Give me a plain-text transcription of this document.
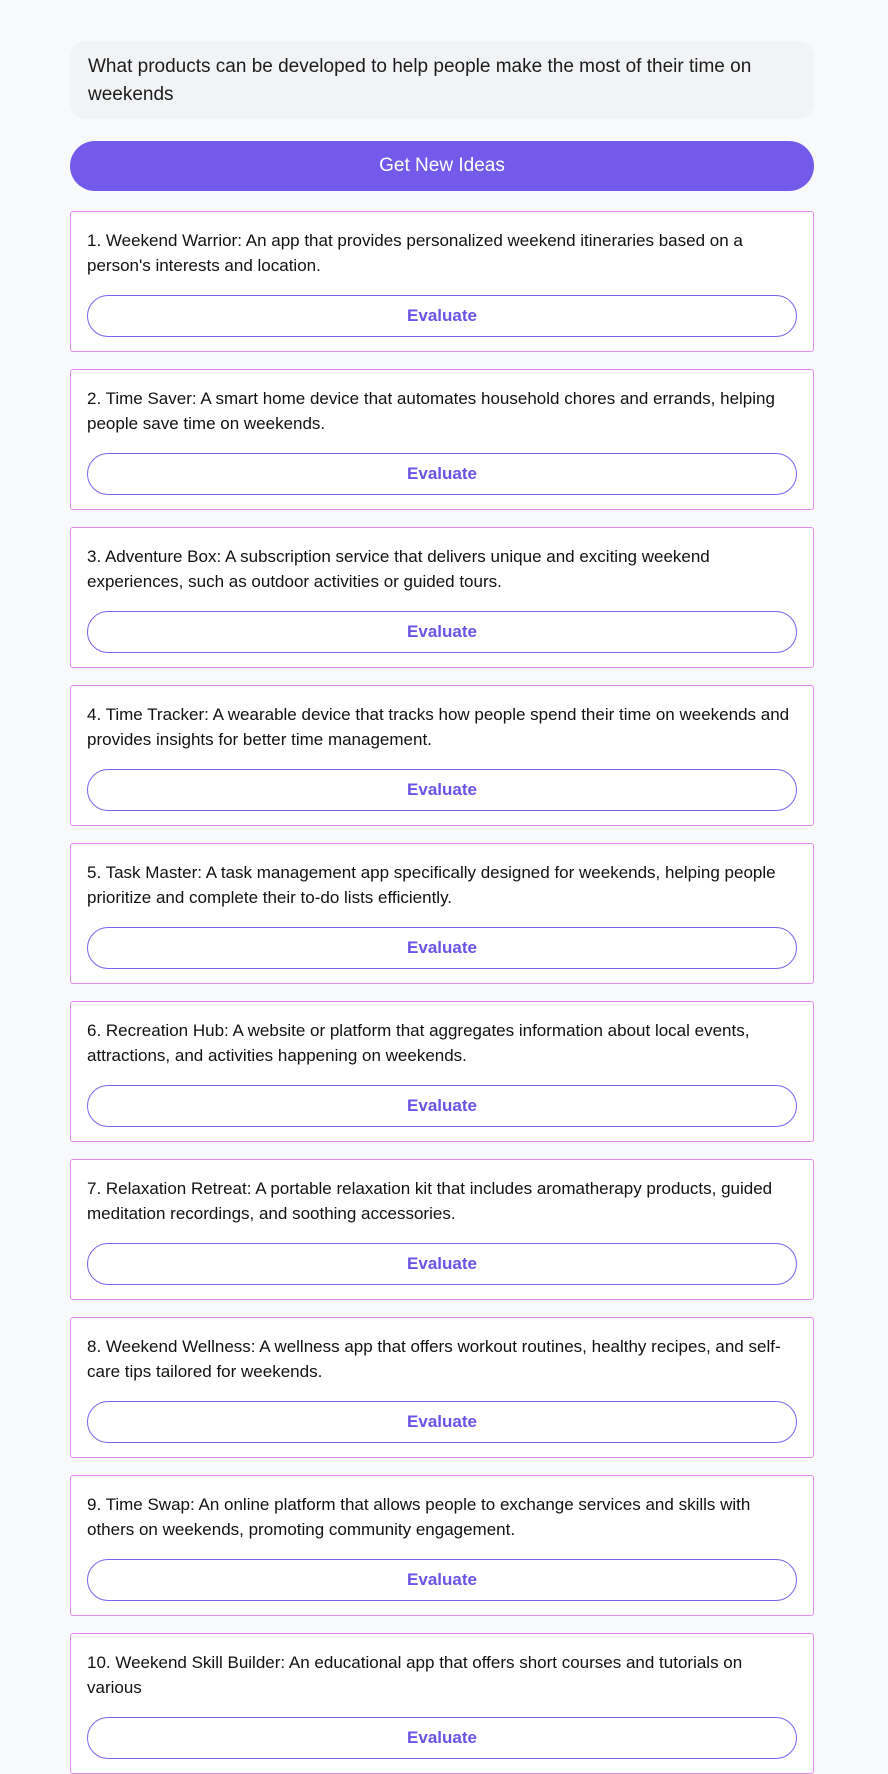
What products can be developed to help people make the most of their time on weekends
Get New Ideas

1. Weekend Warrior: An app that provides personalized weekend itineraries based on a person's interests and location.

Evaluate

2. Time Saver: A smart home device that automates household chores and errands, helping people save time on weekends.

Evaluate

3. Adventure Box: A subscription service that delivers unique and exciting weekend experiences, such as outdoor activities or guided tours.

Evaluate

4. Time Tracker: A wearable device that tracks how people spend their time on weekends and provides insights for better time management.

Evaluate

5. Task Master: A task management app specifically designed for weekends, helping people prioritize and complete their to-do lists efficiently.

Evaluate

6. Recreation Hub: A website or platform that aggregates information about local events, attractions, and activities happening on weekends.

Evaluate

7. Relaxation Retreat: A portable relaxation kit that includes aromatherapy products, guided meditation recordings, and soothing accessories.

Evaluate

8. Weekend Wellness: A wellness app that offers workout routines, healthy recipes, and self-care tips tailored for weekends.

Evaluate

9. Time Swap: An online platform that allows people to exchange services and skills with others on weekends, promoting community engagement.

Evaluate

10. Weekend Skill Builder: An educational app that offers short courses and tutorials on various

Evaluate
